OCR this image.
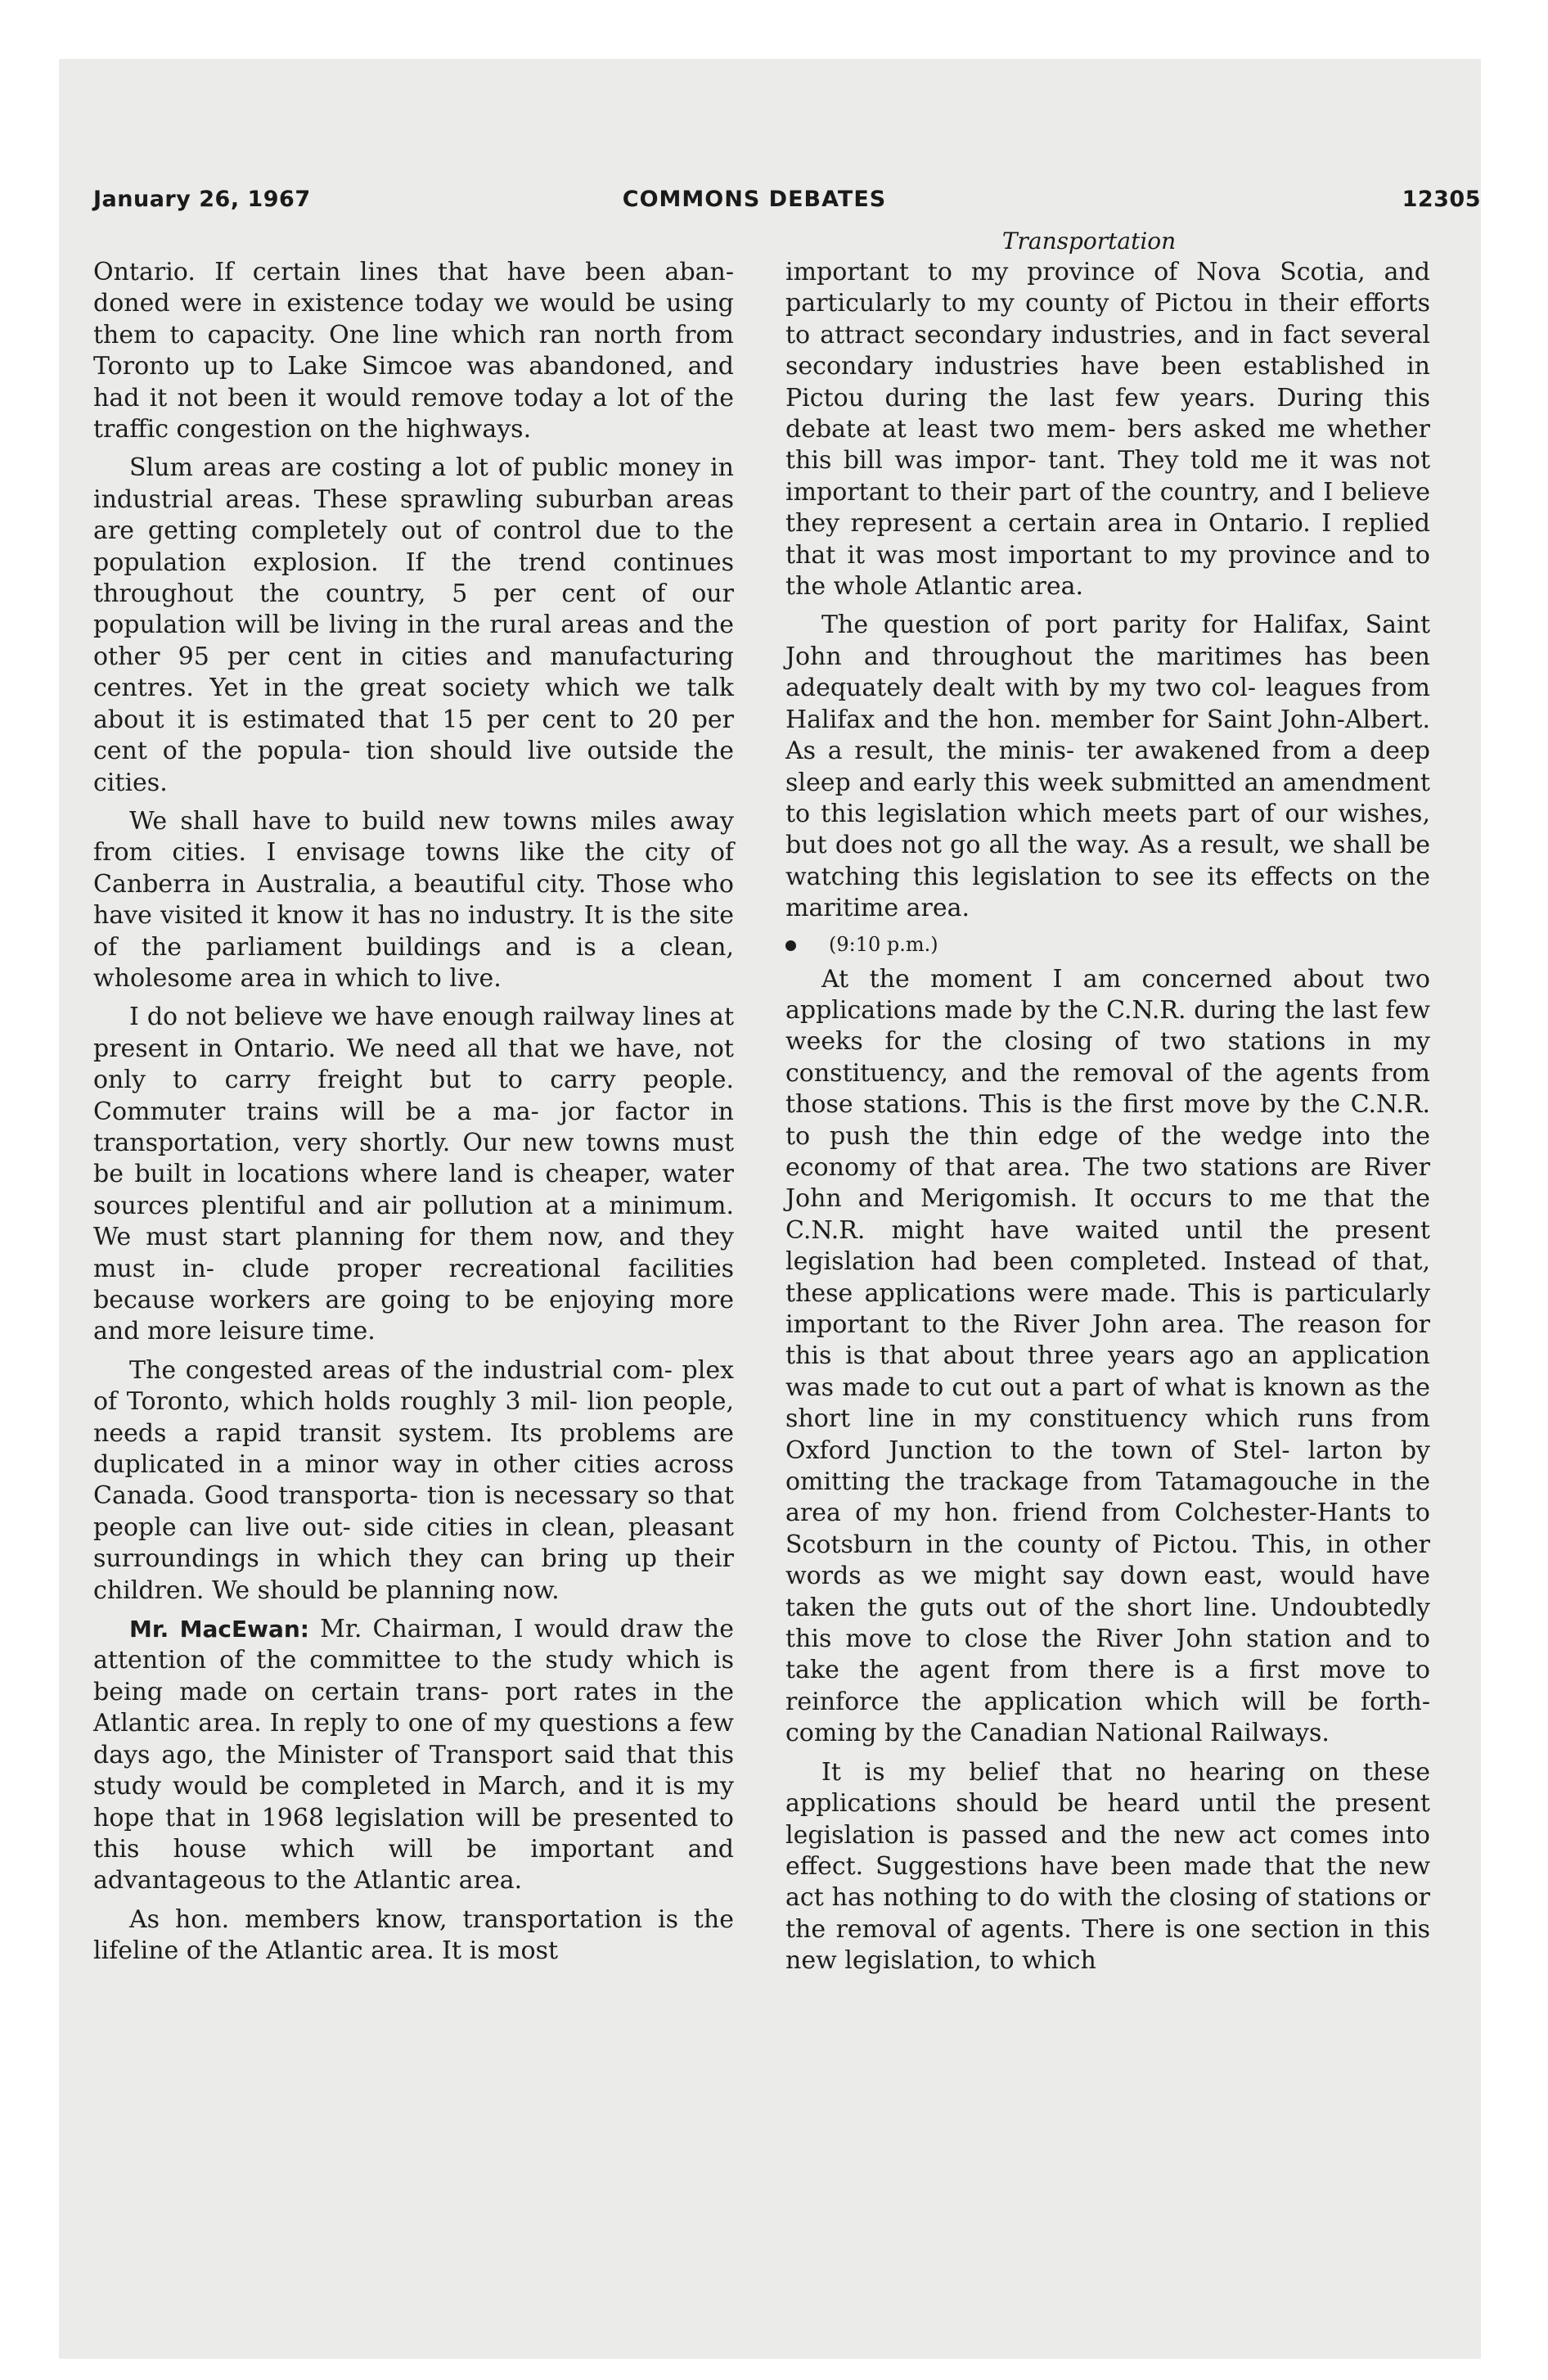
January 26, 1967	COMMONS DEBATES	12305
Transportation

Ontario. If certain lines that have been aban- doned were in existence today we would be using them to capacity. One line which ran north from Toronto up to Lake Simcoe was abandoned, and had it not been it would remove today a lot of the traffic congestion on the highways.

Slum areas are costing a lot of public money in industrial areas. These sprawling suburban areas are getting completely out of control due to the population explosion. If the trend continues throughout the country, 5 per cent of our population will be living in the rural areas and the other 95 per cent in cities and manufacturing centres. Yet in the great society which we talk about it is estimated that 15 per cent to 20 per cent of the popula- tion should live outside the cities.

We shall have to build new towns miles away from cities. I envisage towns like the city of Canberra in Australia, a beautiful city. Those who have visited it know it has no industry. It is the site of the parliament buildings and is a clean, wholesome area in which to live.

I do not believe we have enough railway lines at present in Ontario. We need all that we have, not only to carry freight but to carry people. Commuter trains will be a ma- jor factor in transportation, very shortly. Our new towns must be built in locations where land is cheaper, water sources plentiful and air pollution at a minimum. We must start planning for them now, and they must in- clude proper recreational facilities because workers are going to be enjoying more and more leisure time.

The congested areas of the industrial com- plex of Toronto, which holds roughly 3 mil- lion people, needs a rapid transit system. Its problems are duplicated in a minor way in other cities across Canada. Good transporta- tion is necessary so that people can live out- side cities in clean, pleasant surroundings in which they can bring up their children. We should be planning now.

Mr. MacEwan: Mr. Chairman, I would draw the attention of the committee to the study which is being made on certain trans- port rates in the Atlantic area. In reply to one of my questions a few days ago, the Minister of Transport said that this study would be completed in March, and it is my hope that in 1968 legislation will be presented to this house which will be important and advantageous to the Atlantic area.

As hon. members know, transportation is the lifeline of the Atlantic area. It is most

important to my province of Nova Scotia, and particularly to my county of Pictou in their efforts to attract secondary industries, and in fact several secondary industries have been established in Pictou during the last few years. During this debate at least two mem- bers asked me whether this bill was impor- tant. They told me it was not important to their part of the country, and I believe they represent a certain area in Ontario. I replied that it was most important to my province and to the whole Atlantic area.

The question of port parity for Halifax, Saint John and throughout the maritimes has been adequately dealt with by my two col- leagues from Halifax and the hon. member for Saint John-Albert. As a result, the minis- ter awakened from a deep sleep and early this week submitted an amendment to this legislation which meets part of our wishes, but does not go all the way. As a result, we shall be watching this legislation to see its effects on the maritime area.

(9:10 p.m.)

At the moment I am concerned about two applications made by the C.N.R. during the last few weeks for the closing of two stations in my constituency, and the removal of the agents from those stations. This is the first move by the C.N.R. to push the thin edge of the wedge into the economy of that area. The two stations are River John and Merigomish. It occurs to me that the C.N.R. might have waited until the present legislation had been completed. Instead of that, these applications were made. This is particularly important to the River John area. The reason for this is that about three years ago an application was made to cut out a part of what is known as the short line in my constituency which runs from Oxford Junction to the town of Stel- larton by omitting the trackage from Tatamagouche in the area of my hon. friend from Colchester-Hants to Scotsburn in the county of Pictou. This, in other words as we might say down east, would have taken the guts out of the short line. Undoubtedly this move to close the River John station and to take the agent from there is a first move to reinforce the application which will be forth- coming by the Canadian National Railways.

It is my belief that no hearing on these applications should be heard until the present legislation is passed and the new act comes into effect. Suggestions have been made that the new act has nothing to do with the closing of stations or the removal of agents. There is one section in this new legislation, to which
